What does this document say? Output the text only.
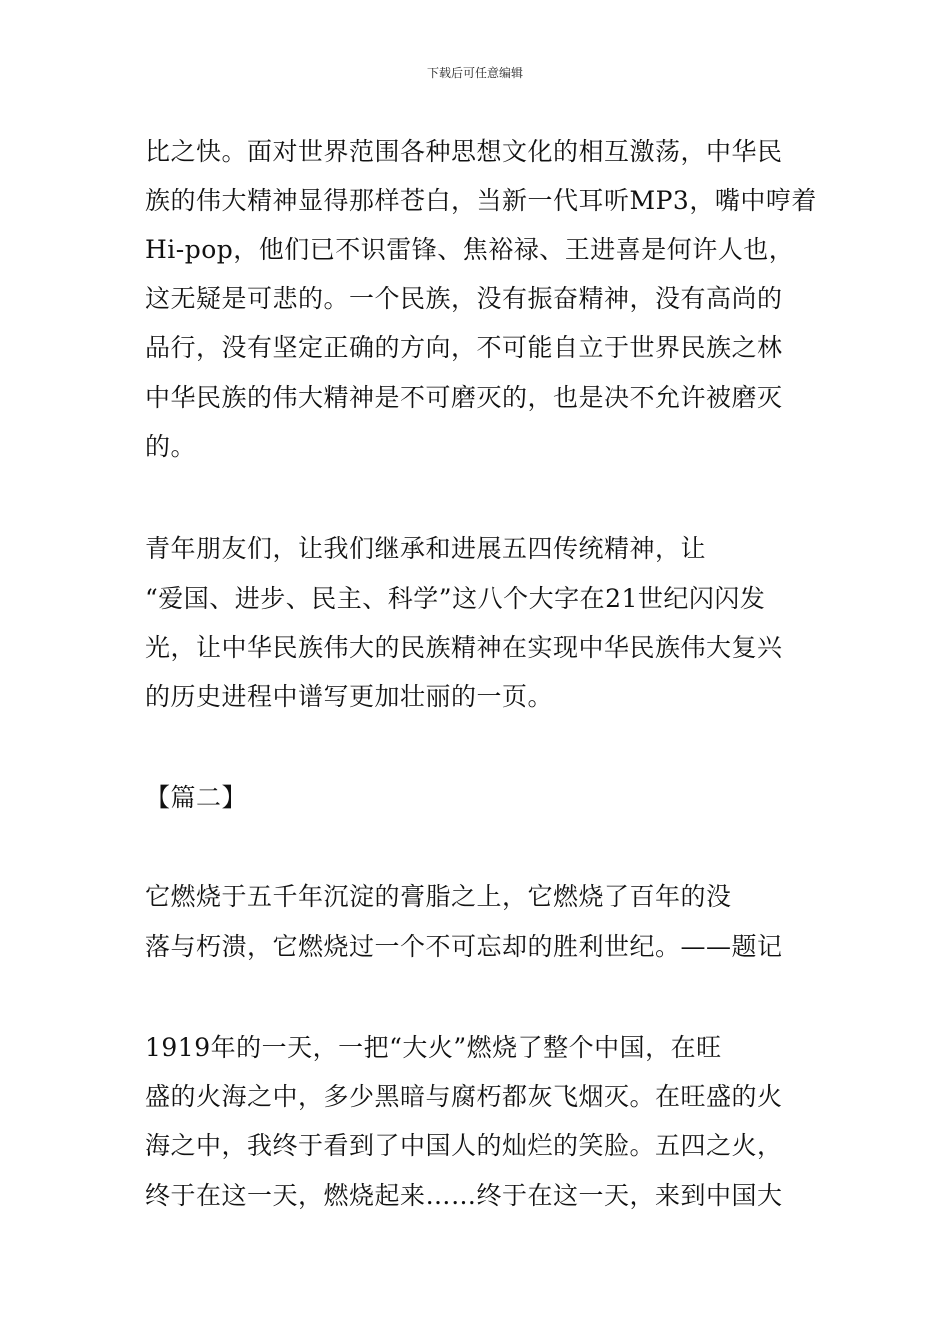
下载后可任意编辑
比之快。面对世界范围各种思想文化的相互激荡，中华民
族的伟大精神显得那样苍白，当新一代耳听MP3，嘴中哼着
Hi-pop，他们已不识雷锋、焦裕禄、王进喜是何许人也，
这无疑是可悲的。一个民族，没有振奋精神，没有高尚的
品行，没有坚定正确的方向，不可能自立于世界民族之林
中华民族的伟大精神是不可磨灭的，也是决不允许被磨灭
的。
青年朋友们，让我们继承和进展五四传统精神，让
“爱国、进步、民主、科学”这八个大字在21世纪闪闪发
光，让中华民族伟大的民族精神在实现中华民族伟大复兴
的历史进程中谱写更加壮丽的一页。
【篇二】
它燃烧于五千年沉淀的膏脂之上，它燃烧了百年的没
落与朽溃，它燃烧过一个不可忘却的胜利世纪。——题记
1919年的一天，一把“大火”燃烧了整个中国，在旺
盛的火海之中，多少黑暗与腐朽都灰飞烟灭。在旺盛的火
海之中，我终于看到了中国人的灿烂的笑脸。五四之火，
终于在这一天，燃烧起来……终于在这一天，来到中国大
